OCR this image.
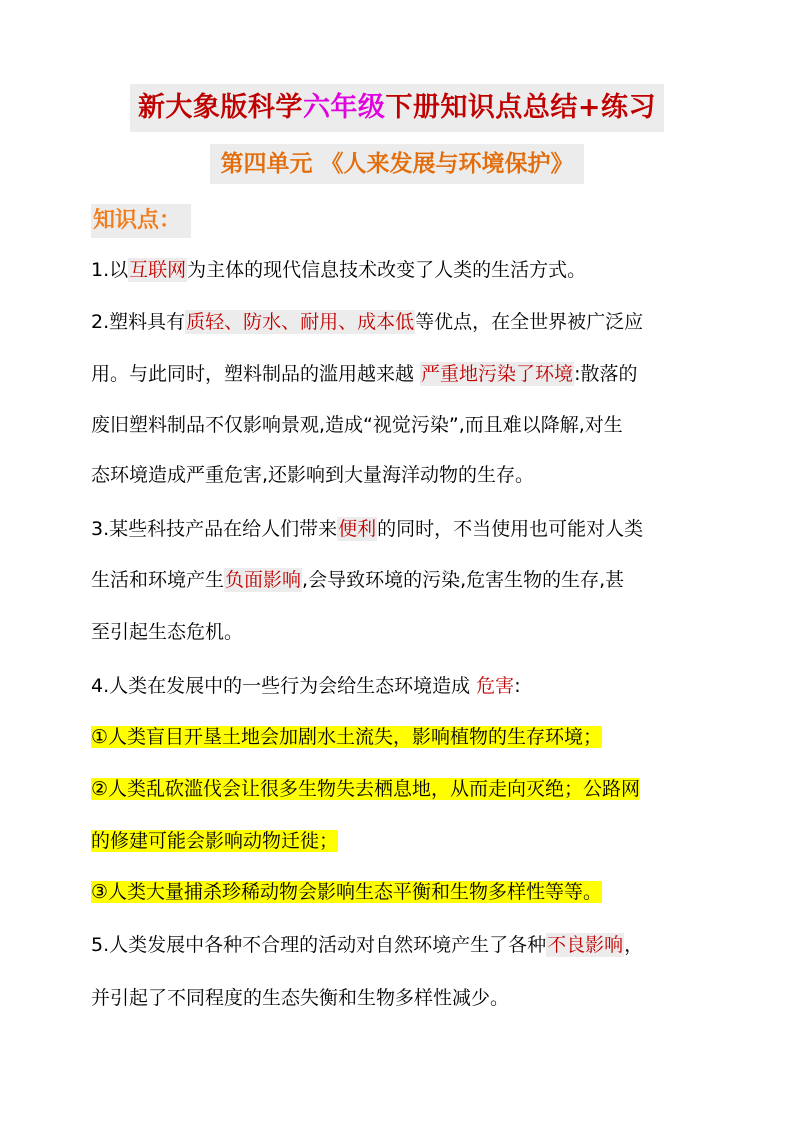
新大象版科学六年级下册知识点总结+练习
第四单元 《人来发展与环境保护》
知识点：
1.以互联网为主体的现代信息技术改变了人类的生活方式。
2.塑料具有质轻、防水、耐用、成本低等优点，在全世界被广泛应
用。与此同时，塑料制品的滥用越来越 严重地污染了环境:散落的
废旧塑料制品不仅影响景观,造成“视觉污染”,而且难以降解,对生
态环境造成严重危害,还影响到大量海洋动物的生存。
3.某些科技产品在给人们带来便利的同时，不当使用也可能对人类
生活和环境产生负面影响,会导致环境的污染,危害生物的生存,甚
至引起生态危机。
4.人类在发展中的一些行为会给生态环境造成 危害:
①人类盲目开垦土地会加剧水土流失，影响植物的生存环境；
②人类乱砍滥伐会让很多生物失去栖息地，从而走向灭绝；公路网
的修建可能会影响动物迁徙；
③人类大量捕杀珍稀动物会影响生态平衡和生物多样性等等。
5.人类发展中各种不合理的活动对自然环境产生了各种不良影响，
并引起了不同程度的生态失衡和生物多样性减少。
